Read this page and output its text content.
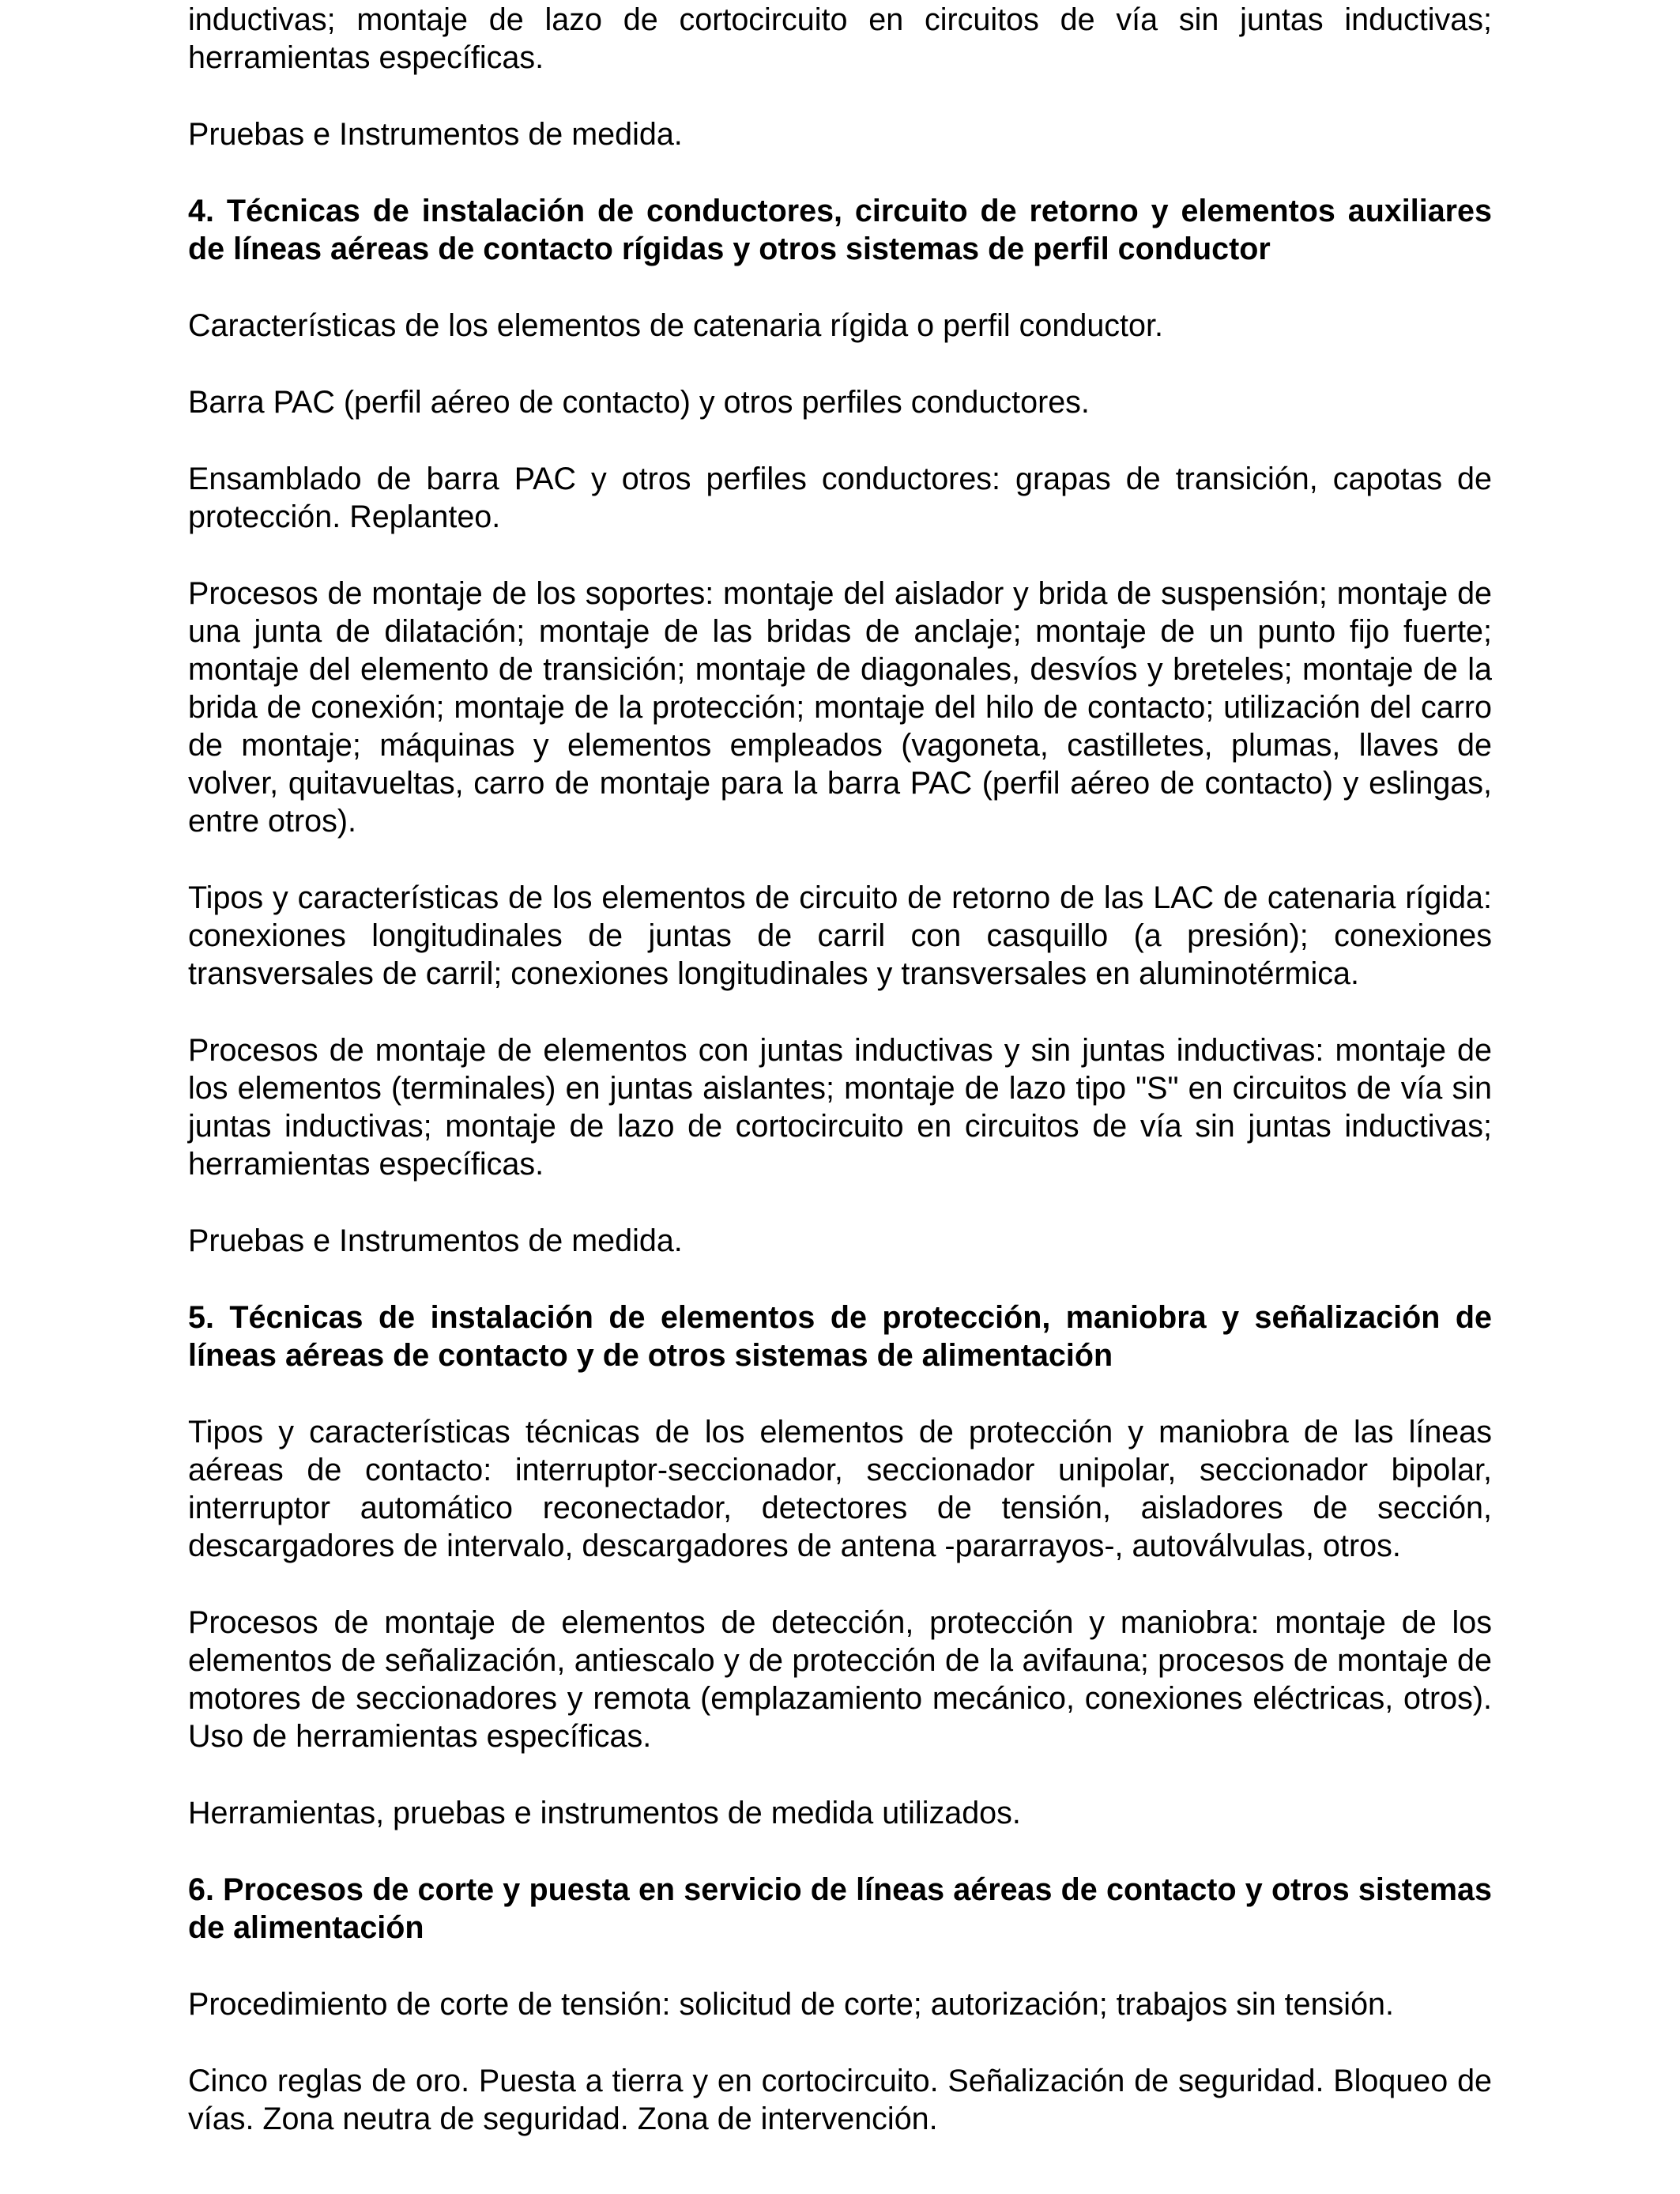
inductivas; montaje de lazo de cortocircuito en circuitos de vía sin juntas inductivas; herramientas específicas.

Pruebas e Instrumentos de medida.

4. Técnicas de instalación de conductores, circuito de retorno y elementos auxiliares de líneas aéreas de contacto rígidas y otros sistemas de perfil conductor

Características de los elementos de catenaria rígida o perfil conductor.

Barra PAC (perfil aéreo de contacto) y otros perfiles conductores.

Ensamblado de barra PAC y otros perfiles conductores: grapas de transición, capotas de protección. Replanteo.

Procesos de montaje de los soportes: montaje del aislador y brida de suspensión; montaje de una junta de dilatación; montaje de las bridas de anclaje; montaje de un punto fijo fuerte; montaje del elemento de transición; montaje de diagonales, desvíos y breteles; montaje de la brida de conexión; montaje de la protección; montaje del hilo de contacto; utilización del carro de montaje; máquinas y elementos empleados (vagoneta, castilletes, plumas, llaves de volver, quitavueltas, carro de montaje para la barra PAC (perfil aéreo de contacto) y eslingas, entre otros).

Tipos y características de los elementos de circuito de retorno de las LAC de catenaria rígida: conexiones longitudinales de juntas de carril con casquillo (a presión); conexiones transversales de carril; conexiones longitudinales y transversales en aluminotérmica.

Procesos de montaje de elementos con juntas inductivas y sin juntas inductivas: montaje de los elementos (terminales) en juntas aislantes; montaje de lazo tipo "S" en circuitos de vía sin juntas inductivas; montaje de lazo de cortocircuito en circuitos de vía sin juntas inductivas; herramientas específicas.

Pruebas e Instrumentos de medida.

5. Técnicas de instalación de elementos de protección, maniobra y señalización de líneas aéreas de contacto y de otros sistemas de alimentación

Tipos y características técnicas de los elementos de protección y maniobra de las líneas aéreas de contacto: interruptor-seccionador, seccionador unipolar, seccionador bipolar, interruptor automático reconectador, detectores de tensión, aisladores de sección, descargadores de intervalo, descargadores de antena -pararrayos-, autoválvulas, otros.

Procesos de montaje de elementos de detección, protección y maniobra: montaje de los elementos de señalización, antiescalo y de protección de la avifauna; procesos de montaje de motores de seccionadores y remota (emplazamiento mecánico, conexiones eléctricas, otros). Uso de herramientas específicas.

Herramientas, pruebas e instrumentos de medida utilizados.

6. Procesos de corte y puesta en servicio de líneas aéreas de contacto y otros sistemas de alimentación

Procedimiento de corte de tensión: solicitud de corte; autorización; trabajos sin tensión.

Cinco reglas de oro. Puesta a tierra y en cortocircuito. Señalización de seguridad. Bloqueo de vías. Zona neutra de seguridad. Zona de intervención.
